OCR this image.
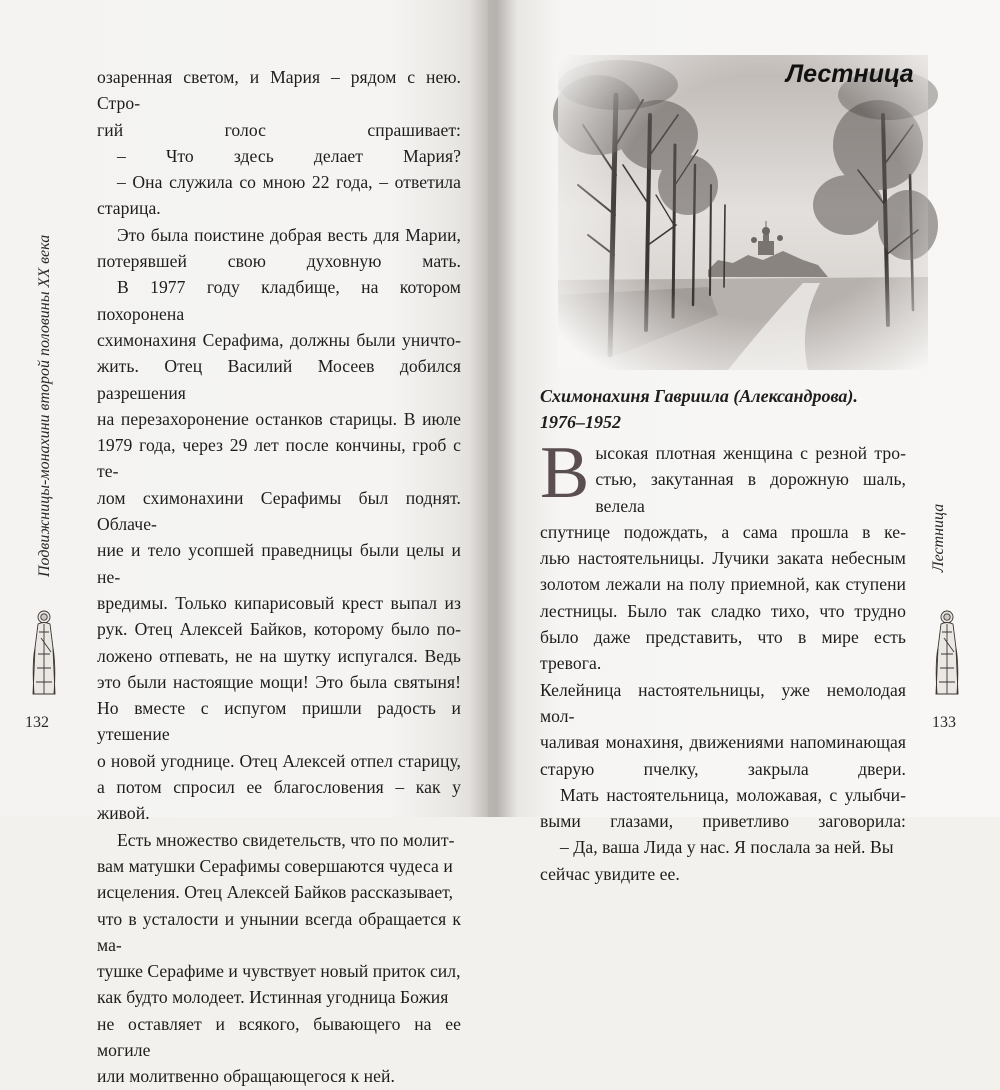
Подвижницы-монахини второй половины XX века
132

озаренная светом, и Мария – рядом с нею. Стро-
гий голос спрашивает:

– Что здесь делает Мария?

– Она служила со мною 22 года, – ответила
старица.

Это была поистине добрая весть для Марии,
потерявшей свою духовную мать.

В 1977 году кладбище, на котором похоронена
схимонахиня Серафима, должны были уничто-
жить. Отец Василий Мосеев добился разрешения
на перезахоронение останков старицы. В июле
1979 года, через 29 лет после кончины, гроб с те-
лом схимонахини Серафимы был поднят. Облаче-
ние и тело усопшей праведницы были целы и не-
вредимы. Только кипарисовый крест выпал из
рук. Отец Алексей Байков, которому было по-
ложено отпевать, не на шутку испугался. Ведь
это были настоящие мощи! Это была святыня!
Но вместе с испугом пришли радость и утешение
о новой угоднице. Отец Алексей отпел старицу,
а потом спросил ее благословения – как у живой.

Есть множество свидетельств, что по молит-
вам матушки Серафимы совершаются чудеса и
исцеления. Отец Алексей Байков рассказывает,
что в усталости и унынии всегда обращается к ма-
тушке Серафиме и чувствует новый приток сил,
как будто молодеет. Истинная угодница Божия
не оставляет и всякого, бывающего на ее могиле
или молитвенно обращающегося к ней.

Лестница
Схимонахиня Гавриила (Александрова).
1976–1952

В ысокая плотная женщина с резной тро-
стью, закутанная в дорожную шаль, велела
спутнице подождать, а сама прошла в ке-
лью настоятельницы. Лучики заката небесным
золотом лежали на полу приемной, как ступени
лестницы. Было так сладко тихо, что трудно
было даже представить, что в мире есть тревога.
Келейница настоятельницы, уже немолодая мол-
чаливая монахиня, движениями напоминающая
старую пчелку, закрыла двери.

Мать настоятельница, моложавая, с улыбчи-
выми глазами, приветливо заговорила:

– Да, ваша Лида у нас. Я послала за ней. Вы
сейчас увидите ее.

Лестница
133
